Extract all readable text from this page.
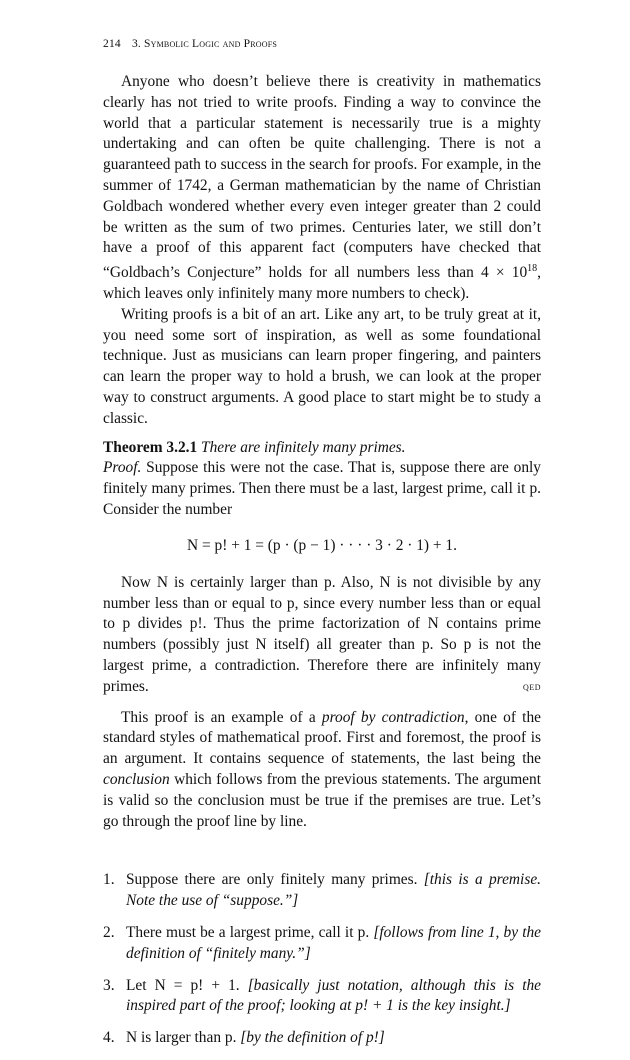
214 3. Symbolic Logic and Proofs

Anyone who doesn’t believe there is creativity in mathematics clearly has not tried to write proofs. Finding a way to convince the world that a particular statement is necessarily true is a mighty undertaking and can often be quite challenging. There is not a guaranteed path to success in the search for proofs. For example, in the summer of 1742, a German mathematician by the name of Christian Goldbach wondered whether every even integer greater than 2 could be written as the sum of two primes. Centuries later, we still don’t have a proof of this apparent fact (computers have checked that “Goldbach’s Conjecture” holds for all numbers less than $4 \times 10^{18}$, which leaves only infinitely many more numbers to check).

Writing proofs is a bit of an art. Like any art, to be truly great at it, you need some sort of inspiration, as well as some foundational technique. Just as musicians can learn proper fingering, and painters can learn the proper way to hold a brush, we can look at the proper way to construct arguments. A good place to start might be to study a classic.

Theorem 3.2.1 There are infinitely many primes.

Proof. Suppose this were not the case. That is, suppose there are only finitely many primes. Then there must be a last, largest prime, call it p. Consider the number

N = p! + 1 = (p · (p − 1) · · · · 3 · 2 · 1) + 1.

Now N is certainly larger than p. Also, N is not divisible by any number less than or equal to p, since every number less than or equal to p divides p!. Thus the prime factorization of N contains prime numbers (possibly just N itself) all greater than p. So p is not the largest prime, a contradiction. Therefore there are infinitely many primes.	qed

This proof is an example of a proof by contradiction, one of the standard styles of mathematical proof. First and foremost, the proof is an argument. It contains sequence of statements, the last being the conclusion which follows from the previous statements. The argument is valid so the conclusion must be true if the premises are true. Let’s go through the proof line by line.

1. Suppose there are only finitely many primes. [this is a premise. Note the use of “suppose.”]
2. There must be a largest prime, call it p. [follows from line 1, by the definition of “finitely many.”]
3. Let N = p! + 1. [basically just notation, although this is the inspired part of the proof; looking at p! + 1 is the key insight.]
4. N is larger than p. [by the definition of p!]
